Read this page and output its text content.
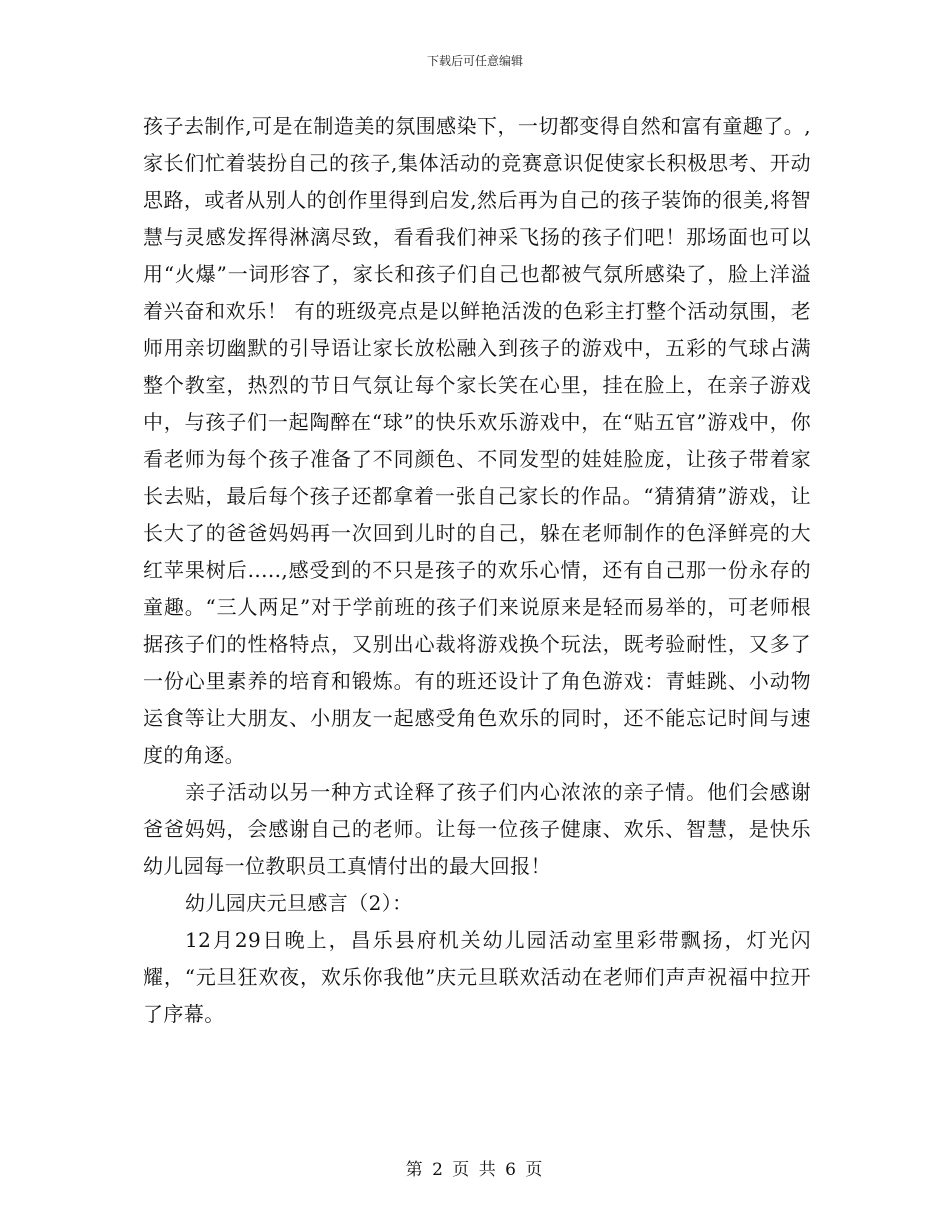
下载后可任意编辑

孩子去制作,可是在制造美的氛围感染下，一切都变得自然和富有童趣了。,家长们忙着装扮自己的孩子,集体活动的竞赛意识促使家长积极思考、开动思路，或者从别人的创作里得到启发,然后再为自己的孩子装饰的很美,将智慧与灵感发挥得淋漓尽致，看看我们神采飞扬的孩子们吧！那场面也可以用“火爆”一词形容了，家长和孩子们自己也都被气氛所感染了，脸上洋溢着兴奋和欢乐！ 有的班级亮点是以鲜艳活泼的色彩主打整个活动氛围，老师用亲切幽默的引导语让家长放松融入到孩子的游戏中，五彩的气球占满整个教室，热烈的节日气氛让每个家长笑在心里，挂在脸上，在亲子游戏中，与孩子们一起陶醉在“球”的快乐欢乐游戏中，在“贴五官”游戏中，你看老师为每个孩子准备了不同颜色、不同发型的娃娃脸庞，让孩子带着家长去贴，最后每个孩子还都拿着一张自己家长的作品。“猜猜猜”游戏，让长大了的爸爸妈妈再一次回到儿时的自己，躲在老师制作的色泽鲜亮的大红苹果树后.....,感受到的不只是孩子的欢乐心情，还有自己那一份永存的童趣。“三人两足”对于学前班的孩子们来说原来是轻而易举的，可老师根据孩子们的性格特点，又别出心裁将游戏换个玩法，既考验耐性，又多了一份心里素养的培育和锻炼。有的班还设计了角色游戏：青蛙跳、小动物运食等让大朋友、小朋友一起感受角色欢乐的同时，还不能忘记时间与速度的角逐。

亲子活动以另一种方式诠释了孩子们内心浓浓的亲子情。他们会感谢爸爸妈妈，会感谢自己的老师。让每一位孩子健康、欢乐、智慧，是快乐幼儿园每一位教职员工真情付出的最大回报！

幼儿园庆元旦感言（2）：

12月29日晚上，昌乐县府机关幼儿园活动室里彩带飘扬，灯光闪耀，“元旦狂欢夜，欢乐你我他”庆元旦联欢活动在老师们声声祝福中拉开了序幕。

第 2 页 共 6 页
